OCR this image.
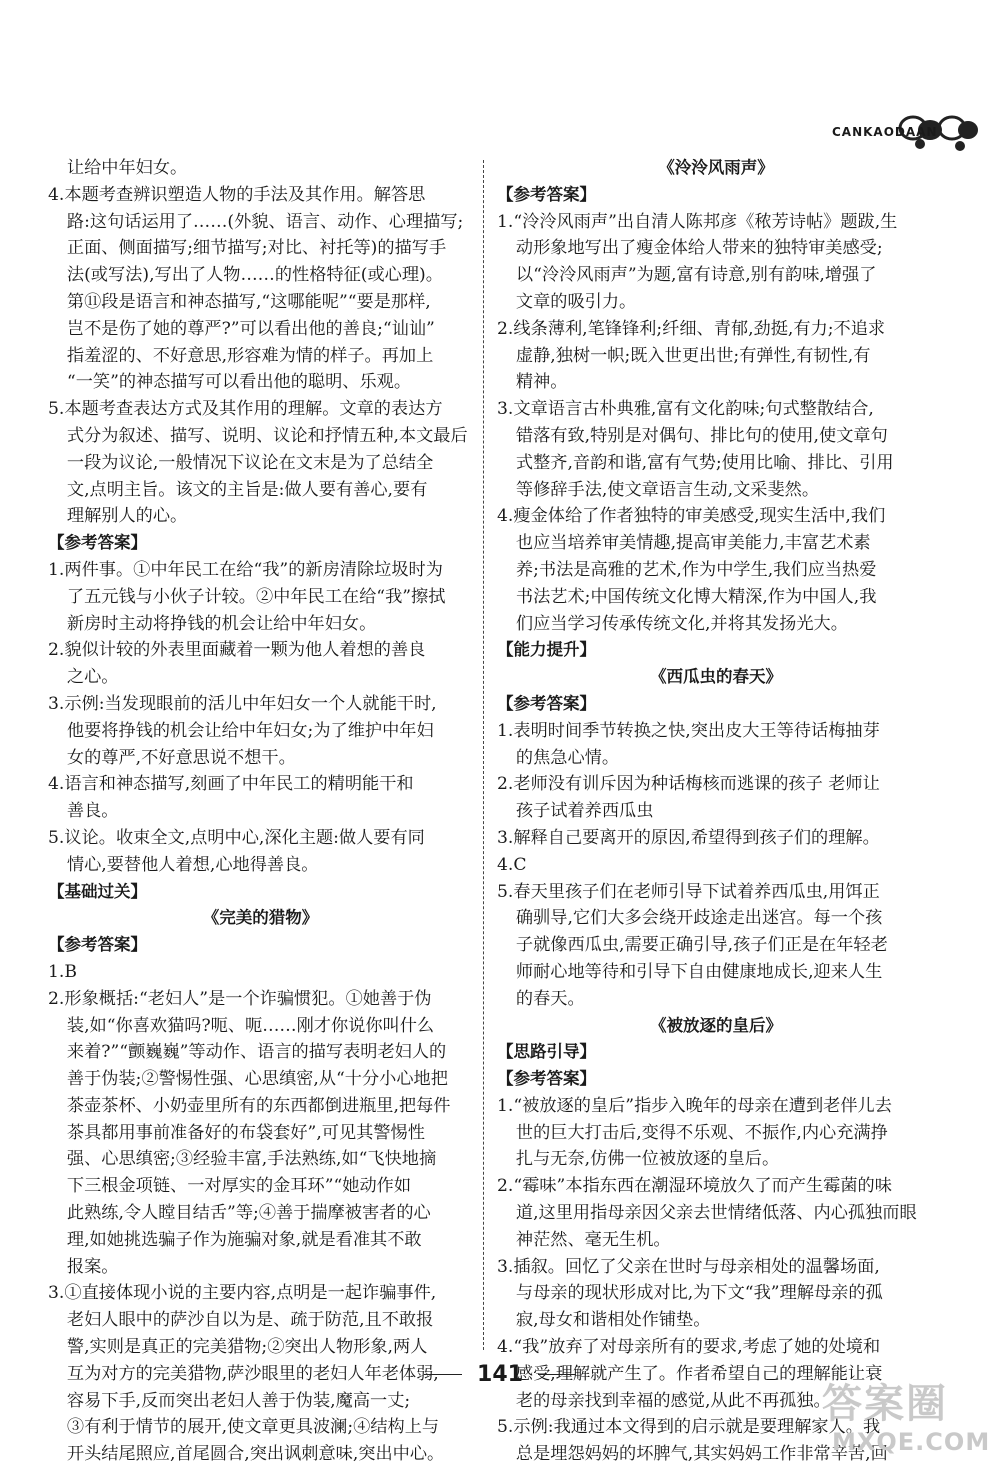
CANKAODAAN
让给中年妇女。
4.本题考查辨识塑造人物的手法及其作用。解答思
路:这句话运用了……(外貌、语言、动作、心理描写;
正面、侧面描写;细节描写;对比、衬托等)的描写手
法(或写法),写出了人物……的性格特征(或心理)。
第⑪段是语言和神态描写,“这哪能呢”“要是那样,
岂不是伤了她的尊严?”可以看出他的善良;“讪讪”
指羞涩的、不好意思,形容难为情的样子。再加上
“一笑”的神态描写可以看出他的聪明、乐观。
5.本题考查表达方式及其作用的理解。文章的表达方
式分为叙述、描写、说明、议论和抒情五种,本文最后
一段为议论,一般情况下议论在文末是为了总结全
文,点明主旨。该文的主旨是:做人要有善心,要有
理解别人的心。
【参考答案】
1.两件事。①中年民工在给“我”的新房清除垃圾时为
了五元钱与小伙子计较。②中年民工在给“我”擦拭
新房时主动将挣钱的机会让给中年妇女。
2.貌似计较的外表里面藏着一颗为他人着想的善良
之心。
3.示例:当发现眼前的活儿中年妇女一个人就能干时,
他要将挣钱的机会让给中年妇女;为了维护中年妇
女的尊严,不好意思说不想干。
4.语言和神态描写,刻画了中年民工的精明能干和
善良。
5.议论。收束全文,点明中心,深化主题:做人要有同
情心,要替他人着想,心地得善良。
【基础过关】
《完美的猎物》
【参考答案】
1.B
2.形象概括:“老妇人”是一个诈骗惯犯。①她善于伪
装,如“你喜欢猫吗?呃、呃……刚才你说你叫什么
来着?”“颤巍巍”等动作、语言的描写表明老妇人的
善于伪装;②警惕性强、心思缜密,从“十分小心地把
茶壶茶杯、小奶壶里所有的东西都倒进瓶里,把每件
茶具都用事前准备好的布袋套好”,可见其警惕性
强、心思缜密;③经验丰富,手法熟练,如“飞快地摘
下三根金项链、一对厚实的金耳环”“她动作如
此熟练,令人瞠目结舌”等;④善于揣摩被害者的心
理,如她挑选骗子作为施骗对象,就是看准其不敢
报案。
3.①直接体现小说的主要内容,点明是一起诈骗事件,
老妇人眼中的萨沙自以为是、疏于防范,且不敢报
警,实则是真正的完美猎物;②突出人物形象,两人
互为对方的完美猎物,萨沙眼里的老妇人年老体弱,
容易下手,反而突出老妇人善于伪装,魔高一丈;
③有利于情节的展开,使文章更具波澜;④结构上与
开头结尾照应,首尾圆合,突出讽刺意味,突出中心。
《泠泠风雨声》
【参考答案】
1.“泠泠风雨声”出自清人陈邦彦《秾芳诗帖》题跋,生
动形象地写出了瘦金体给人带来的独特审美感受;
以“泠泠风雨声”为题,富有诗意,别有韵味,增强了
文章的吸引力。
2.线条薄利,笔锋锋利;纤细、青郁,劲挺,有力;不追求
虚静,独树一帜;既入世更出世;有弹性,有韧性,有
精神。
3.文章语言古朴典雅,富有文化韵味;句式整散结合,
错落有致,特别是对偶句、排比句的使用,使文章句
式整齐,音韵和谐,富有气势;使用比喻、排比、引用
等修辞手法,使文章语言生动,文采斐然。
4.瘦金体给了作者独特的审美感受,现实生活中,我们
也应当培养审美情趣,提高审美能力,丰富艺术素
养;书法是高雅的艺术,作为中学生,我们应当热爱
书法艺术;中国传统文化博大精深,作为中国人,我
们应当学习传承传统文化,并将其发扬光大。
【能力提升】
《西瓜虫的春天》
【参考答案】
1.表明时间季节转换之快,突出皮大王等待话梅抽芽
的焦急心情。
2.老师没有训斥因为种话梅核而逃课的孩子 老师让
孩子试着养西瓜虫
3.解释自己要离开的原因,希望得到孩子们的理解。
4.C
5.春天里孩子们在老师引导下试着养西瓜虫,用饵正
确驯导,它们大多会绕开歧途走出迷宫。每一个孩
子就像西瓜虫,需要正确引导,孩子们正是在年轻老
师耐心地等待和引导下自由健康地成长,迎来人生
的春天。
《被放逐的皇后》
【思路引导】
【参考答案】
1.“被放逐的皇后”指步入晚年的母亲在遭到老伴儿去
世的巨大打击后,变得不乐观、不振作,内心充满挣
扎与无奈,仿佛一位被放逐的皇后。
2.“霉味”本指东西在潮湿环境放久了而产生霉菌的味
道,这里用指母亲因父亲去世情绪低落、内心孤独而眼
神茫然、毫无生机。
3.插叙。回忆了父亲在世时与母亲相处的温馨场面,
与母亲的现状形成对比,为下文“我”理解母亲的孤
寂,母女和谐相处作铺垫。
4.“我”放弃了对母亲所有的要求,考虑了她的处境和
感受,理解就产生了。作者希望自己的理解能让衰
老的母亲找到幸福的感觉,从此不再孤独。
5.示例:我通过本文得到的启示就是要理解家人。我
总是埋怨妈妈的坏脾气,其实妈妈工作非常辛苦,回
141
答案圈
MXQE.COM
